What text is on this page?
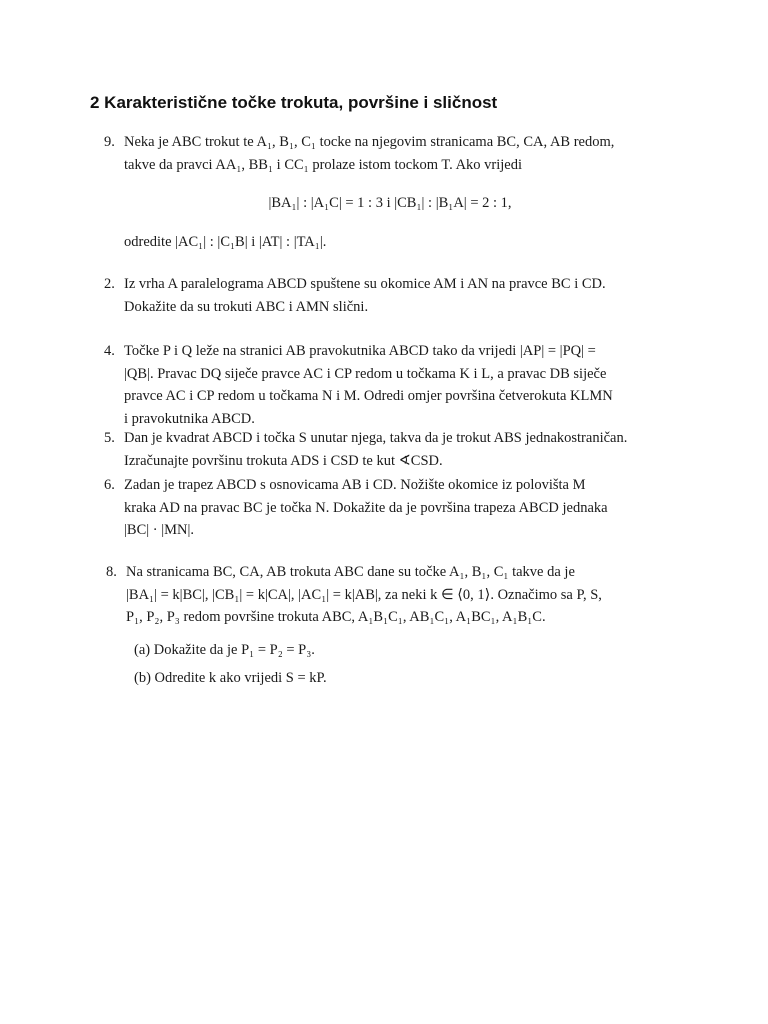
2 Karakteristične točke trokuta, površine i sličnost

9. Neka je ABC trokut te A₁, B₁, C₁ tocke na njegovim stranicama BC, CA, AB redom,

takve da pravci AA₁, BB₁ i CC₁ prolaze istom tockom T. Ako vrijedi

|BA₁| : |A₁C| = 1 : 3 i |CB₁| : |B₁A| = 2 : 1,

odredite |AC₁| : |C₁B| i |AT| : |TA₁|.

2. Iz vrha A paralelograma ABCD spuštene su okomice AM i AN na pravce BC i CD.

Dokažite da su trokuti ABC i AMN slični.

4. Točke P i Q leže na stranici AB pravokutnika ABCD tako da vrijedi |AP| = |PQ| =

|QB|. Pravac DQ siječe pravce AC i CP redom u točkama K i L, a pravac DB siječe

pravce AC i CP redom u točkama N i M. Odredi omjer površina četverokuta KLMN

i pravokutnika ABCD.

5. Dan je kvadrat ABCD i točka S unutar njega, takva da je trokut ABS jednakostraničan.

Izračunajte površinu trokuta ADS i CSD te kut ∢CSD.

6. Zadan je trapez ABCD s osnovicama AB i CD. Nožište okomice iz polovišta M

kraka AD na pravac BC je točka N. Dokažite da je površina trapeza ABCD jednaka

|BC| · |MN|.

8. Na stranicama BC, CA, AB trokuta ABC dane su točke A₁, B₁, C₁ takve da je

|BA₁| = k|BC|, |CB₁| = k|CA|, |AC₁| = k|AB|, za neki k ∈ ⟨0, 1⟩. Označimo sa P, S,

P₁, P₂, P₃ redom površine trokuta ABC, A₁B₁C₁, AB₁C₁, A₁BC₁, A₁B₁C.

(a) Dokažite da je P₁ = P₂ = P₃.

(b) Odredite k ako vrijedi S = kP.
